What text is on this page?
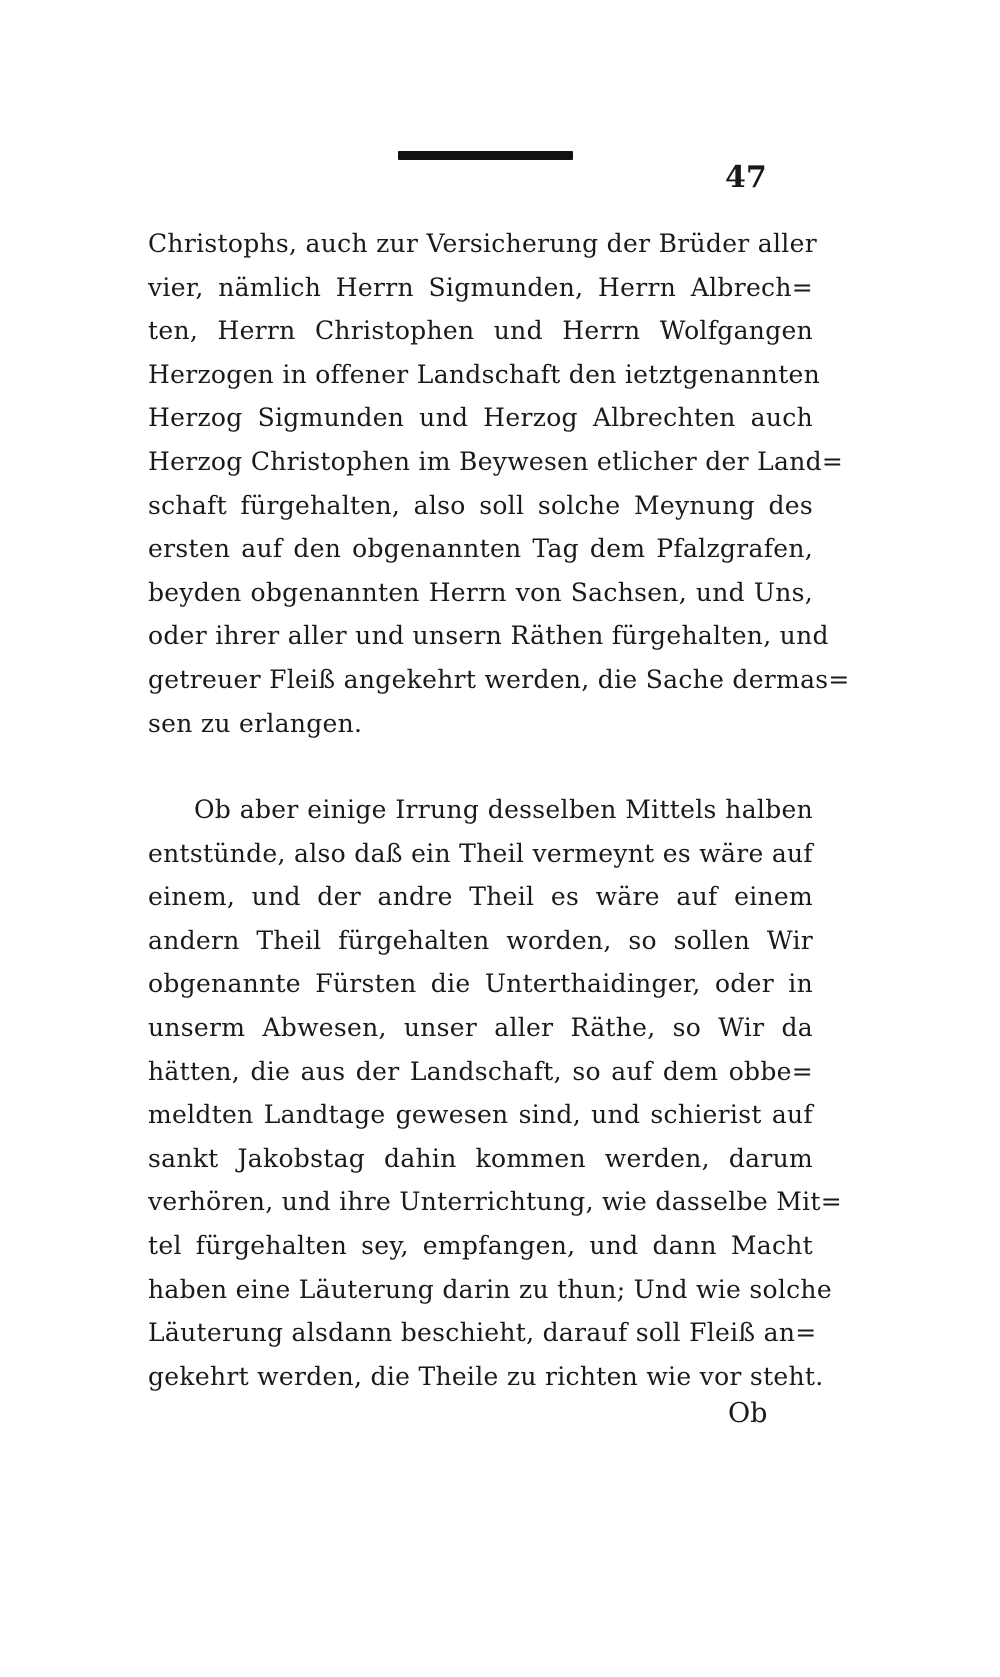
47

Christophs, auch zur Versicherung der Brüder aller
vier, nämlich Herrn Sigmunden, Herrn Albrech=
ten, Herrn Christophen und Herrn Wolfgangen
Herzogen in offener Landschaft den ietztgenannten
Herzog Sigmunden und Herzog Albrechten auch
Herzog Christophen im Beywesen etlicher der Land=
schaft fürgehalten, also soll solche Meynung des
ersten auf den obgenannten Tag dem Pfalzgrafen,
beyden obgenannten Herrn von Sachsen, und Uns,
oder ihrer aller und unsern Räthen fürgehalten, und
getreuer Fleiß angekehrt werden, die Sache dermas=
sen zu erlangen.

Ob aber einige Irrung desselben Mittels halben
entstünde, also daß ein Theil vermeynt es wäre auf
einem, und der andre Theil es wäre auf einem
andern Theil fürgehalten worden, so sollen Wir
obgenannte Fürsten die Unterthaidinger, oder in
unserm Abwesen, unser aller Räthe, so Wir da
hätten, die aus der Landschaft, so auf dem obbe=
meldten Landtage gewesen sind, und schierist auf
sankt Jakobstag dahin kommen werden, darum
verhören, und ihre Unterrichtung, wie dasselbe Mit=
tel fürgehalten sey, empfangen, und dann Macht
haben eine Läuterung darin zu thun; Und wie solche
Läuterung alsdann beschieht, darauf soll Fleiß an=
gekehrt werden, die Theile zu richten wie vor steht.

Ob
